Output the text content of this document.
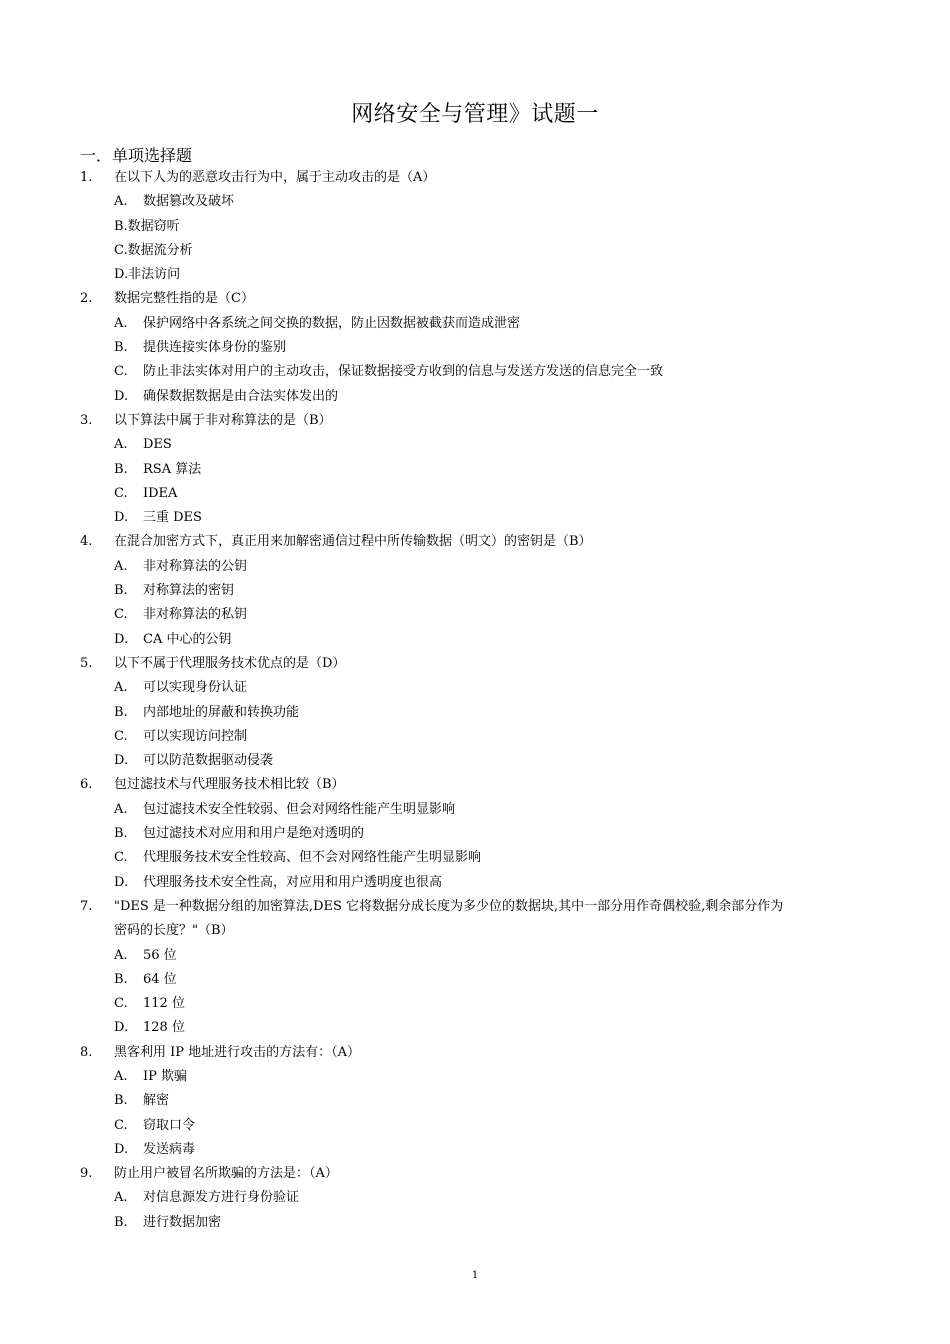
网络安全与管理》试题一
一．单项选择题
1.	在以下人为的恶意攻击行为中，属于主动攻击的是（A）
A.	数据篡改及破坏
B.数据窃听
C.数据流分析
D.非法访问
2.	数据完整性指的是（C）
A.	保护网络中各系统之间交换的数据，防止因数据被截获而造成泄密
B.	提供连接实体身份的鉴别
C.	防止非法实体对用户的主动攻击，保证数据接受方收到的信息与发送方发送的信息完全一致
D.	确保数据数据是由合法实体发出的
3.	以下算法中属于非对称算法的是（B）
A.	DES
B.	RSA 算法
C.	IDEA
D.	三重 DES
4.	在混合加密方式下，真正用来加解密通信过程中所传输数据（明文）的密钥是（B）
A.	非对称算法的公钥
B.	对称算法的密钥
C.	非对称算法的私钥
D.	CA 中心的公钥
5.	以下不属于代理服务技术优点的是（D）
A.	可以实现身份认证
B.	内部地址的屏蔽和转换功能
C.	可以实现访问控制
D.	可以防范数据驱动侵袭
6.	包过滤技术与代理服务技术相比较（B）
A.	包过滤技术安全性较弱、但会对网络性能产生明显影响
B.	包过滤技术对应用和用户是绝对透明的
C.	代理服务技术安全性较高、但不会对网络性能产生明显影响
D.	代理服务技术安全性高，对应用和用户透明度也很高
7.	"DES 是一种数据分组的加密算法,DES 它将数据分成长度为多少位的数据块,其中一部分用作奇偶校验,剩余部分作为
密码的长度？"（B）
A.	56 位
B.	64 位
C.	112 位
D.	128 位
8.	黑客利用 IP 地址进行攻击的方法有：（A）
A.	IP 欺骗
B.	解密
C.	窃取口令
D.	发送病毒
9.	防止用户被冒名所欺骗的方法是：（A）
A.	对信息源发方进行身份验证
B.	进行数据加密
1
